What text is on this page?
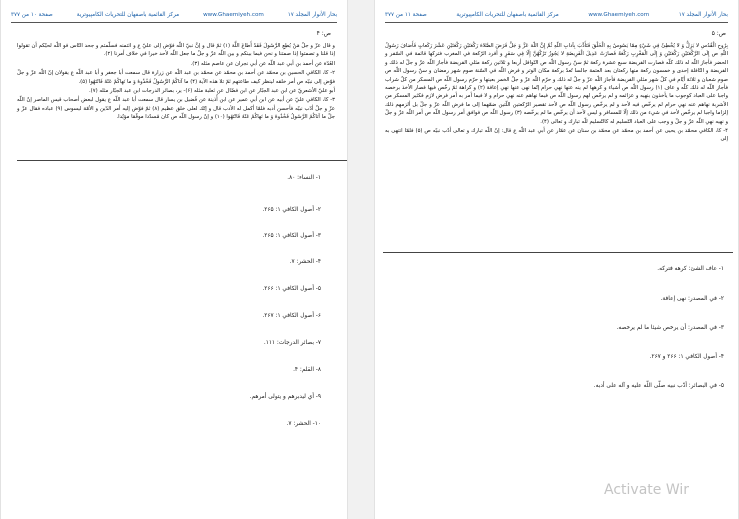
صفحة ١٠ من ٣٧٧	مركز القائمية باصفهان للتحريات الكامپيوترية	www.Ghaemiyeh.com	بحار الأنوار المجلد ١٧
ص: ۴

و قال عزّ و جلّ مَنْ يُطِعِ الرَّسُولَ فَقَدْ أَطاعَ اللَّهَ (۱) ثمّ قال و إنَّ نبيّ اللّه فوّض إلى عليّ ع و ائتمنه فسلّمتم و جحد النّاس فو اللّه لحيّكم أن تقولوا إذا قلنا و تصمتوا إذا صمتنا و نحن فيما بينكم و بين اللّه عزّ و جلّ ما جعل اللّه لأحد خيرا في خلاف أمرنا (۲).

العُدّة عن أحمد بن أبي عبد اللّه عن أبي نجران عن عاصم مثله (۳).

۲- كا، الكافي الحسين بن محمّد عن أحمد بن محمّد عن محمّد بن عبد اللّه عن زرارة قال سمعت أبا جعفر و أبا عبد اللّه ع يقولان إنّ اللّه عزّ و جلّ فوّض إلى نبيّه ص أمر خلقه لينظر كيف طاعتهم ثمّ تلا هذه الآية (۴) ما آتاكُمُ الرَّسُولُ فَخُذُوهُ وَ ما نَهاكُمْ عَنْهُ فَانْتَهُوا (۵).

أبو عليّ الأشعريّ عن ابن عبد الجبّار عن ابن فضّال عن ثعلبة مثله (۶)- ير، بصائر الدرجات ابن عبد الجبّار مثله (۷).

۳- كا، الكافي عليّ عن أبيه عن ابن أبي عمير عن ابن أُذينة عن فُضيل بن يسار قال سمعت أبا عبد اللّه ع يقول لبعض أصحاب قيس الماصر إنّ اللّه عزّ و جلّ أدّب نبيّه فأحسن أدبه فلمّا أكمل له الأدب قال و إنّك لعلى خلق عظيم (۸) ثمّ فوّض إليه أمر الدّين و الأمّة ليسوس (۹) عباده فقال عزّ و جلّ ما آتاكُمُ الرَّسُولُ فَخُذُوهُ وَ ما نَهاكُمْ عَنْهُ فَانْتَهُوا (۱۰) و إنّ رسول اللّه ص كان مُسدّدا موفّقا مؤيّدا.

۱- النساء: ۸۰.
۲- أصول الكافي ۱: ۲۶۵.
۳- أصول الكافي ۱: ۲۶۵.
۴- الحشر: ۷.
۵- أصول الكافي ۱: ۲۶۶.
۶- أصول الكافي ۱: ۲۶۷.
۷- بصائر الدرجات: ۱۱۱.
۸- القلم: ۴.
۹- أي ليدبرهم و يتولى أمرهم.
۱۰- الحشر: ۷.
صفحة ۱۱ من ٣٧٧	مركز القائمية باصفهان للتحريات الكامپيوترية	www.Ghaemiyeh.com	بحار الأنوار المجلد ١٧
ص: ۵

بِرُوحِ الْقُدُسِ لا يَزِلُّ وَ لا يُخْطِئُ فِي شَيْءٍ مِمّا يَسُوسُ بِهِ الْخَلْقَ فَتَأَدَّبَ بِآدابِ اللّهِ ثُمَّ إِنَّ اللّهَ عَزَّ وَ جَلَّ فَرَضَ الصَّلاةَ رَكْعَتَيْنِ رَكْعَتَيْنِ عَشْرَ رَكَعاتٍ فَأَضافَ رَسُولُ اللّهِ ص إِلَى الرَّكْعَتَيْنِ رَكْعَتَيْنِ وَ إِلَى الْمَغْرِبِ رَكْعَةً فَصارَتْ عَدِيلَ الْفَرِيضَةِ لا يَجُوزُ تَرْكُهُنَّ إِلّا فِي سَفَرٍ و أفرد الرّكعة في المغرب فتركها قائمة في السّفر و الحضر فأجاز اللّه له ذلك كلّه فصارت الفريضة سبع عشرة ركعة ثمّ سنّ رسول اللّه ص النّوافل أربعا و ثلاثين ركعة مثلي الفريضة فأجاز اللّه عزّ و جلّ له ذلك و الفريضة و النّافلة إحدى و خمسون ركعة منها ركعتان بعد العتمة جالسا تُعدّ بركعة مكان الوتر و فرض اللّه في السّنة صوم شهر رمضان و سنّ رسول اللّه ص صوم شعبان و ثلاثة أيّام في كلّ شهر مثلي الفريضة فأجاز اللّه عزّ و جلّ له ذلك و حرّم اللّه عزّ و جلّ الخمر بعينها و حرّم رسول اللّه ص المسكر من كلّ شراب فأجاز اللّه له ذلك كلّه و عاف (۱) رسول اللّه ص أشياء و كرهها لم ينه عنها نهي حرام إنّما نهى عنها نهي إعافة (۲) و كراهة ثمّ رخّص فيها فصار الأخذ برخصه واجبا على العباد كوجوب ما يأخذون بنهيه و عزائمه و لم يرخّص لهم رسول اللّه ص فيما نهاهم عنه نهي حرام و لا فيما أمر به أمر فرض لازم فكثير المسكر من الأشربة نهاهم عنه نهي حرام لم يرخّص فيه لأحد و لم يرخّص رسول اللّه ص لأحد تقصير الرّكعتين اللّتين ضمّهما إلى ما فرض اللّه عزّ و جلّ بل ألزمهم ذلك إلزاما واجبا لم يرخّص لأحد في شيء من ذلك إلّا للمسافر و ليس لأحد أن يرخّص ما لم يرخّصه (۳) رسول اللّه ص فوافق أمر رسول اللّه ص أمر اللّه عزّ و جلّ و نهيه نهي اللّه عزّ و جلّ و وجب على العباد التّسليم له كالتّسليم للّه تبارك و تعالى (۴).

۴- كا، الكافي محمّد بن يحيى عن أحمد بن محمّد عن محمّد بن سنان عن عمّار عن أبي عبد اللّه ع قال: إنّ اللّه تبارك و تعالى أدّب نبيّه ص (۵) فلمّا انتهى به إلى

۱- عاف الشئ: كرهه فتركه.
۲- في المصدر: نهى إعافة.
۳- في المصدر: أن يرخص شيئا ما لم يرخصه.
۴- أصول الكافي ۱: ۲۶۶ و ۲۶۷.
۵- في البصائر: أدّب نبيه صلّى اللّه عليه و آله على أدبه.
Activate Wir
